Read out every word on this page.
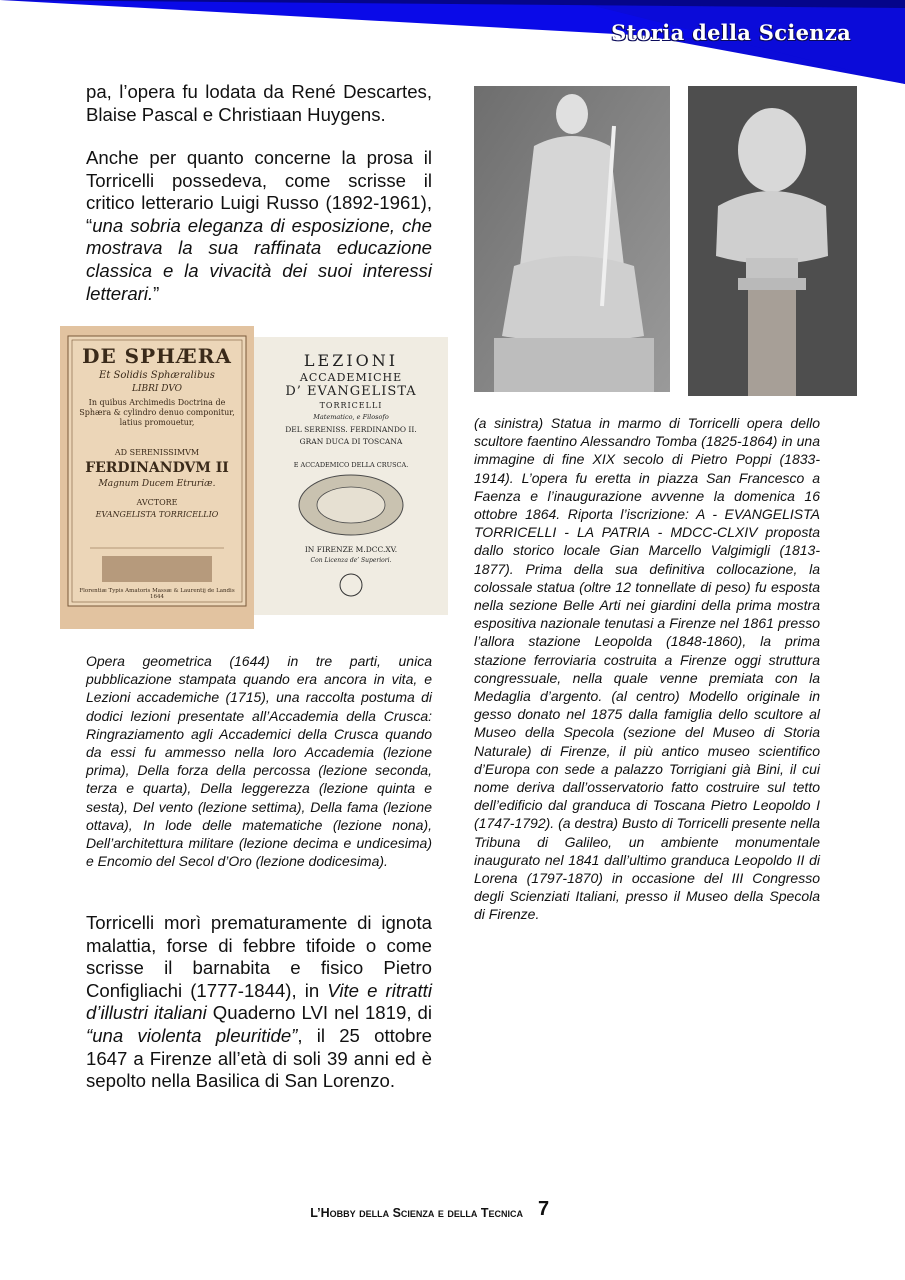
Storia della Scienza

pa, l’opera fu lodata da René Descartes, Blaise Pascal e Christiaan Huygens.

Anche per quanto concerne la prosa il Torricelli possedeva, come scrisse il critico letterario Luigi Russo (1892-1961), “una sobria eleganza di esposizione, che mostrava la sua raffinata educazione classica e la vivacità dei suoi interessi letterari.”

DE SPHÆRA
Et Solidis Sphæralibus
LIBRI DVO
In quibus Archimedis Doctrina de Sphæra & cylindro denuo componitur, latius promouetur,
AD SERENISSIMVM
FERDINANDVM II
Magnum Ducem Etruriæ.
AVCTORE
EVANGELISTA TORRICELLIO
Florentiæ Typis Amatoris Massæ & Laurentij de Landis 1644
LEZIONI
ACCADEMICHE
D’ EVANGELISTA
TORRICELLI
Matematico, e Filosofo
DEL SERENISS. FERDINANDO II.
GRAN DUCA DI TOSCANA
E ACCADEMICO DELLA CRUSCA.
IN FIRENZE M.DCC.XV.
Con Licenza de’ Superiori.

(a sinistra) Statua in marmo di Torricelli opera dello scultore faentino Alessandro Tomba (1825-1864) in una immagine di fine XIX secolo di Pietro Poppi (1833-1914). L’opera fu eretta in piazza San Francesco a Faenza e l’inaugurazione avvenne la domenica 16 ottobre 1864. Riporta l’iscrizione: A - EVANGELISTA TORRICELLI - LA PATRIA - MDCC-CLXIV proposta dallo storico locale Gian Marcello Valgimigli (1813-1877). Prima della sua definitiva collocazione, la colossale statua (oltre 12 tonnellate di peso) fu esposta nella sezione Belle Arti nei giardini della prima mostra espositiva nazionale tenutasi a Firenze nel 1861 presso l’allora stazione Leopolda (1848-1860), la prima stazione ferroviaria costruita a Firenze oggi struttura congressuale, nella quale venne premiata con la Medaglia d’argento. (al centro) Modello originale in gesso donato nel 1875 dalla famiglia dello scultore al Museo della Specola (sezione del Museo di Storia Naturale) di Firenze, il più antico museo scientifico d’Europa con sede a palazzo Torrigiani già Bini, il cui nome deriva dall’osservatorio fatto costruire sul tetto dell’edificio dal granduca di Toscana Pietro Leopoldo I (1747-1792). (a destra) Busto di Torricelli presente nella Tribuna di Galileo, un ambiente monumentale inaugurato nel 1841 dall’ultimo granduca Leopoldo II di Lorena (1797-1870) in occasione del III Congresso degli Scienziati Italiani, presso il Museo della Specola di Firenze.

Opera geometrica (1644) in tre parti, unica pubblicazione stampata quando era ancora in vita, e Lezioni accademiche (1715), una raccolta postuma di dodici lezioni presentate all’Accademia della Crusca: Ringraziamento agli Accademici della Crusca quando da essi fu ammesso nella loro Accademia (lezione prima), Della forza della percossa (lezione seconda, terza e quarta), Della leggerezza (lezione quinta e sesta), Del vento (lezione settima), Della fama (lezione ottava), In lode delle matematiche (lezione nona), Dell’architettura militare (lezione decima e undicesima) e Encomio del Secol d’Oro (lezione dodicesima).

Torricelli morì prematuramente di ignota malattia, forse di febbre tifoide o come scrisse il barnabita e fisico Pietro Configliachi (1777-1844), in Vite e ritratti d’illustri italiani Quaderno LVI nel 1819, di “una violenta pleuritide”, il 25 ottobre 1647 a Firenze all’età di soli 39 anni ed è sepolto nella Basilica di San Lorenzo.

L’Hobby della Scienza e della Tecnica 7
